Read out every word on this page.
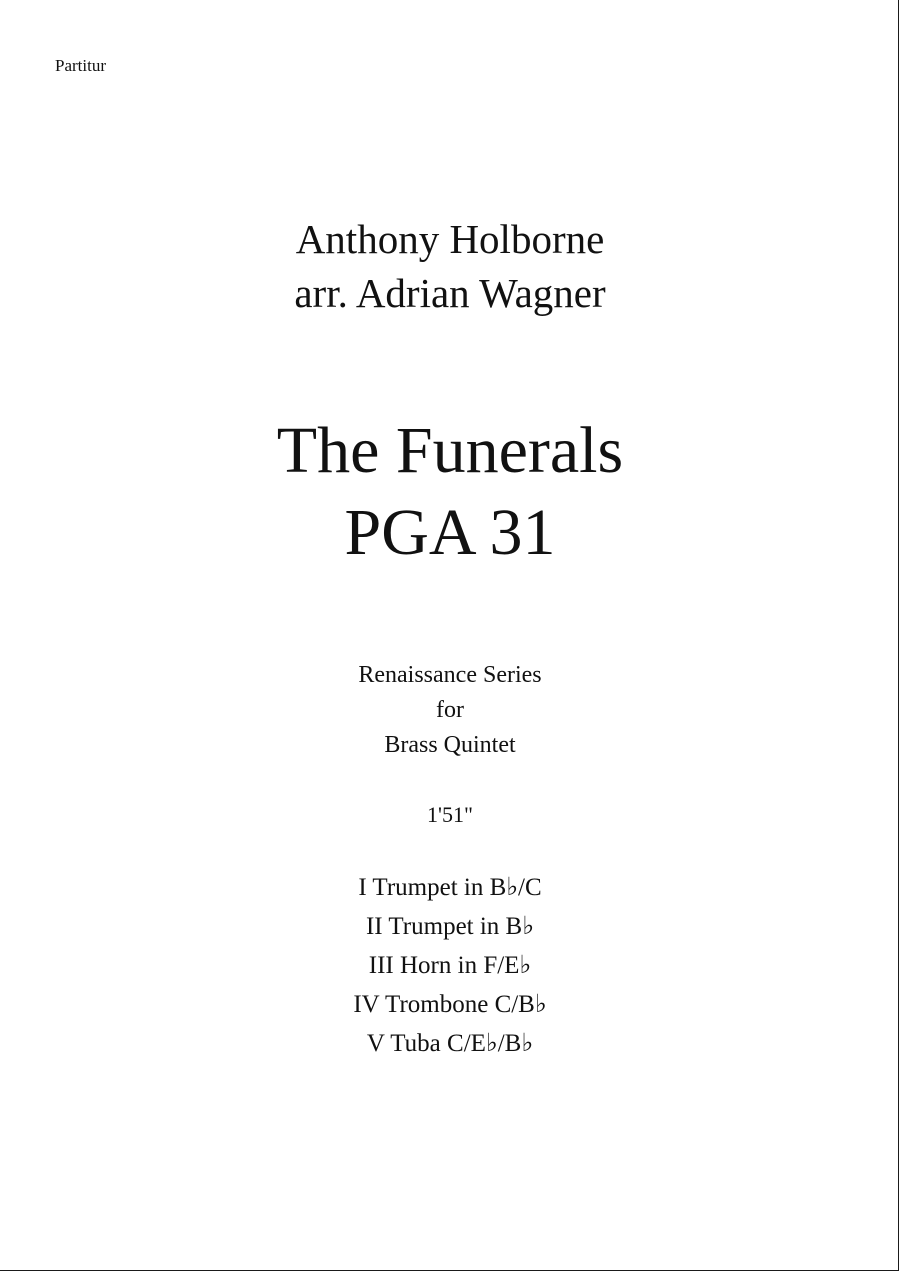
Partitur
Anthony Holborne
arr. Adrian Wagner
The Funerals
PGA 31
Renaissance Series
for
Brass Quintet
1'51"
I Trumpet in B♭/C
II Trumpet in B♭
III Horn in F/E♭
IV Trombone C/B♭
V Tuba C/E♭/B♭
